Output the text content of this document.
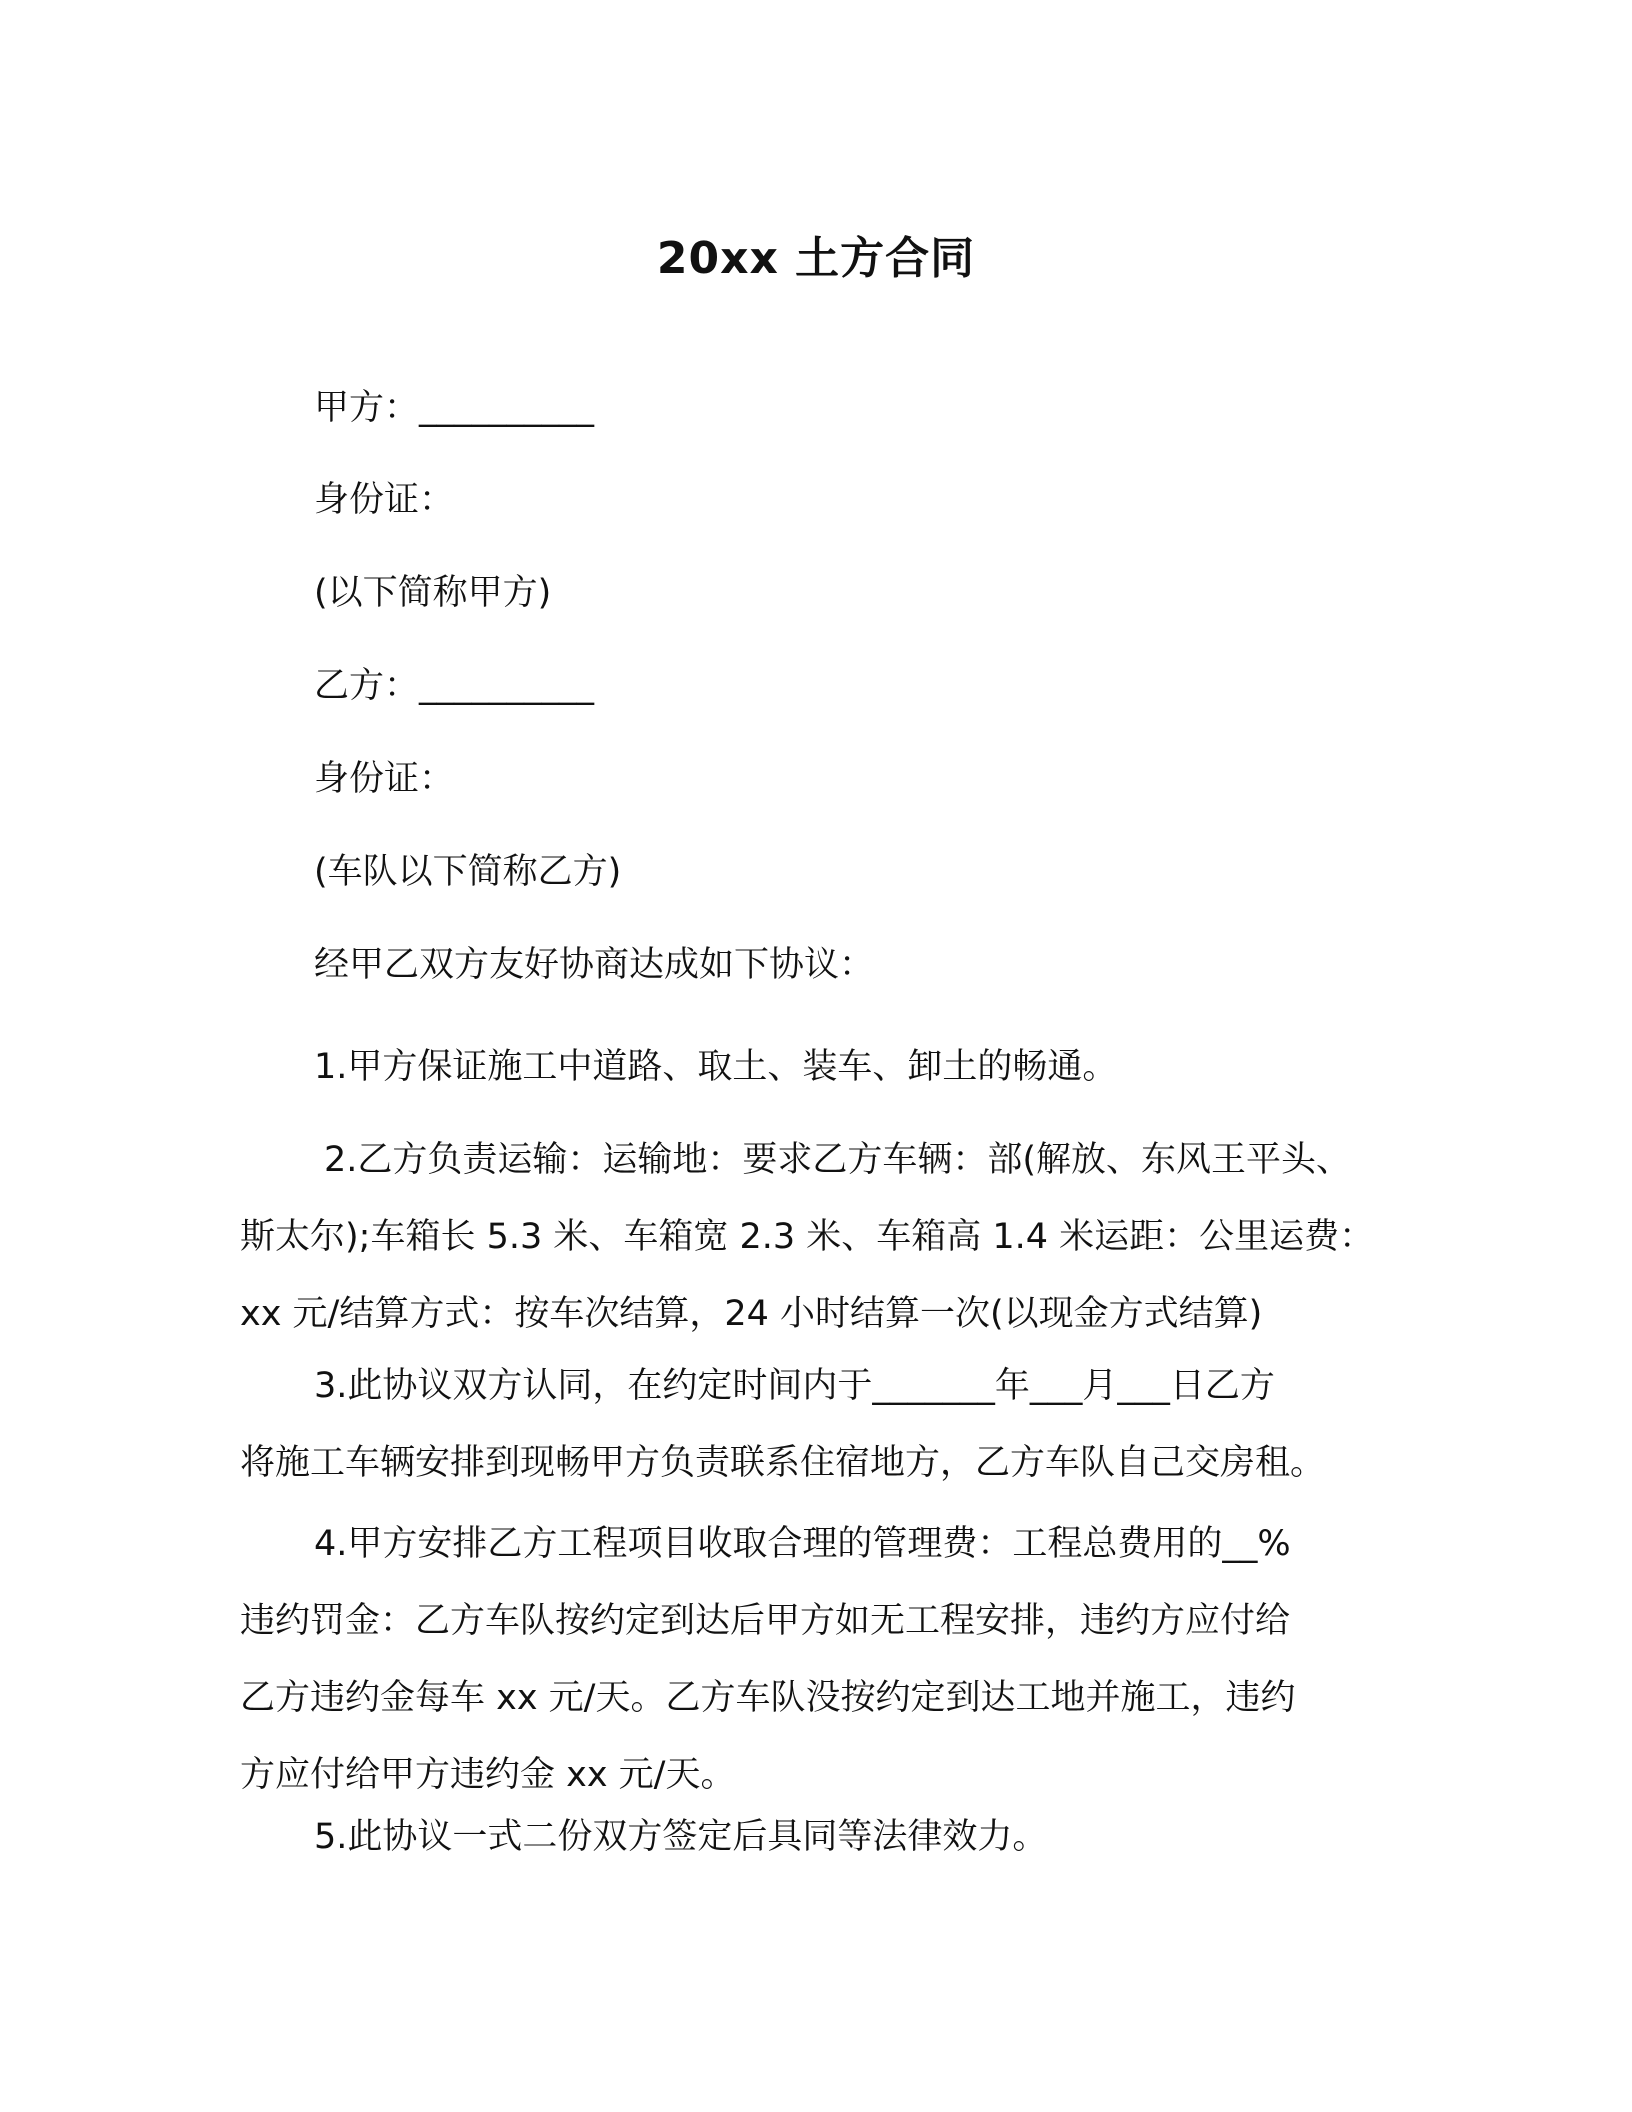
20xx 土方合同
甲方：__________
身份证：
(以下简称甲方)
乙方：__________
身份证：
(车队以下简称乙方)
经甲乙双方友好协商达成如下协议：
1.甲方保证施工中道路、取土、装车、卸土的畅通。
2.乙方负责运输：运输地：要求乙方车辆：部(解放、东风王平头、
斯太尔);车箱长 5.3 米、车箱宽 2.3 米、车箱高 1.4 米运距：公里运费：
xx 元/结算方式：按车次结算，24 小时结算一次(以现金方式结算)
3.此协议双方认同，在约定时间内于_______年___月___日乙方
将施工车辆安排到现畅甲方负责联系住宿地方，乙方车队自己交房租。
4.甲方安排乙方工程项目收取合理的管理费：工程总费用的__%
违约罚金：乙方车队按约定到达后甲方如无工程安排，违约方应付给
乙方违约金每车 xx 元/天。乙方车队没按约定到达工地并施工，违约
方应付给甲方违约金 xx 元/天。
5.此协议一式二份双方签定后具同等法律效力。
